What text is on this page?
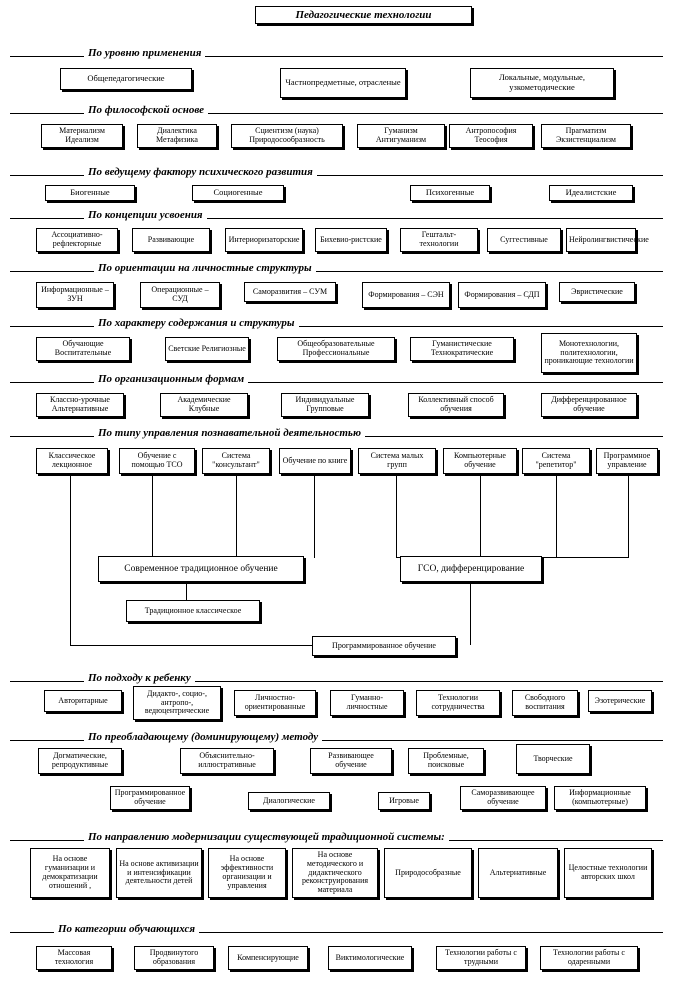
Педагогические технологии
По уровню применения
Общепедагогические	Частнопредметные, отрасленые	Локальные, модульные, узкометодические
По философской основе
Материализм Идеализм
Диалектика Метафизика
Сциентизм (наука) Природосообразность
Гуманизм Антигуманизм
Антропософия Теософия
Прагматизм Экзистенциализм
По ведущему фактору психического развития
Биогенные	Социогенные	Психогенные	Идеалистские
По концепции усвоения
Ассоциативно-рефлекторные	Развивающие	Интериоризаторские	Бихевио-ристские	Гештальт-технологии	Суггестивные	Нейролингвистические
По ориентации на личностные структуры
Информационные – ЗУН
Операционные – СУД
Саморазвития – СУМ	Формирования – СЭН	Формирования – СДП	Эвристические
По характеру содержания и структуры
Обучающие Воспитательные	Светские Религиозные	Общеобразовательные Профессиональные
Гуманистические Технократические
Монотехнологии, политехнологии, проникающие технологии
По организационным формам
Классно-урочные Альтернативные
Академические Клубные
Индивидуальные Групповые
Коллективный способ обучения
Дифференцированное обучение
По типу управления познавательной деятельностью
Классическое лекционное
Обучение с помощью ТСО
Система "консультант"	Обучение по книге	Система малых групп
Компьютерные обучение
Система "репетитор"
Программное управление
Современное традиционное обучение	ГСО, дифференцирование
Традиционное классическое
Программированное обучение
По подходу к ребенку
Авторитарные
Дидакто-, социо-, антропо-, ведюцентрические
Личностно-ориентированные
Гуманно-личностные
Технологии сотрудничества
Свободного воспитания
Эзотерические
По преобладающему (доминирующему) методу
Догматические, репродуктивные
Объяснительно-иллюстративные
Развивающее обучение
Проблемные, поисковые
Творческие
Программированное обучение	Диалогические	Игровые
Саморазвивающее обучение
Информационные (компьютерные)
По направлению модернизации существующей традиционной системы:
На основе гуманизации и демократизации отношений ,
На основе активизации и интенсификации деятельности детей
На основе эффективности организации и управления
На основе методического и дидактического реконструирования материала
Природособразные	Альтернативные	Целостные технологии авторских школ
По категории обучающихся
Массовая технология
Продвинутого образования	Компенсирующие	Виктимологические	Технологии работы с трудными
Технологии работы с одаренными
